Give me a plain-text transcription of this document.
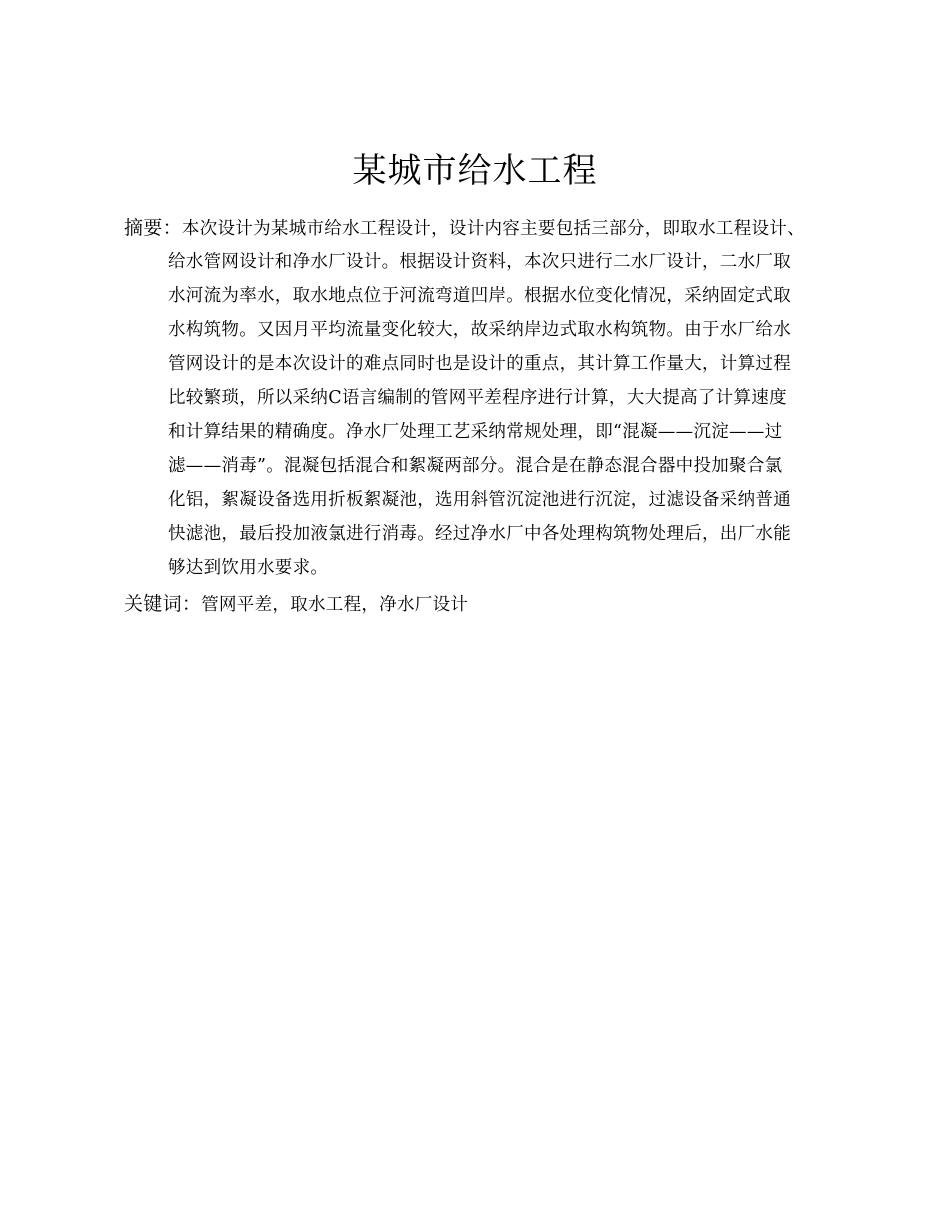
某城市给水工程
摘要：本次设计为某城市给水工程设计，设计内容主要包括三部分，即取水工程设计、
给水管网设计和净水厂设计。根据设计资料，本次只进行二水厂设计，二水厂取
水河流为率水，取水地点位于河流弯道凹岸。根据水位变化情况，采纳固定式取
水构筑物。又因月平均流量变化较大，故采纳岸边式取水构筑物。由于水厂给水
管网设计的是本次设计的难点同时也是设计的重点，其计算工作量大，计算过程
比较繁琐，所以采纳C语言编制的管网平差程序进行计算，大大提高了计算速度
和计算结果的精确度。净水厂处理工艺采纳常规处理，即“混凝——沉淀——过
滤——消毒”。混凝包括混合和絮凝两部分。混合是在静态混合器中投加聚合氯
化铝，絮凝设备选用折板絮凝池，选用斜管沉淀池进行沉淀，过滤设备采纳普通
快滤池，最后投加液氯进行消毒。经过净水厂中各处理构筑物处理后，出厂水能
够达到饮用水要求。
关键词：管网平差，取水工程，净水厂设计
